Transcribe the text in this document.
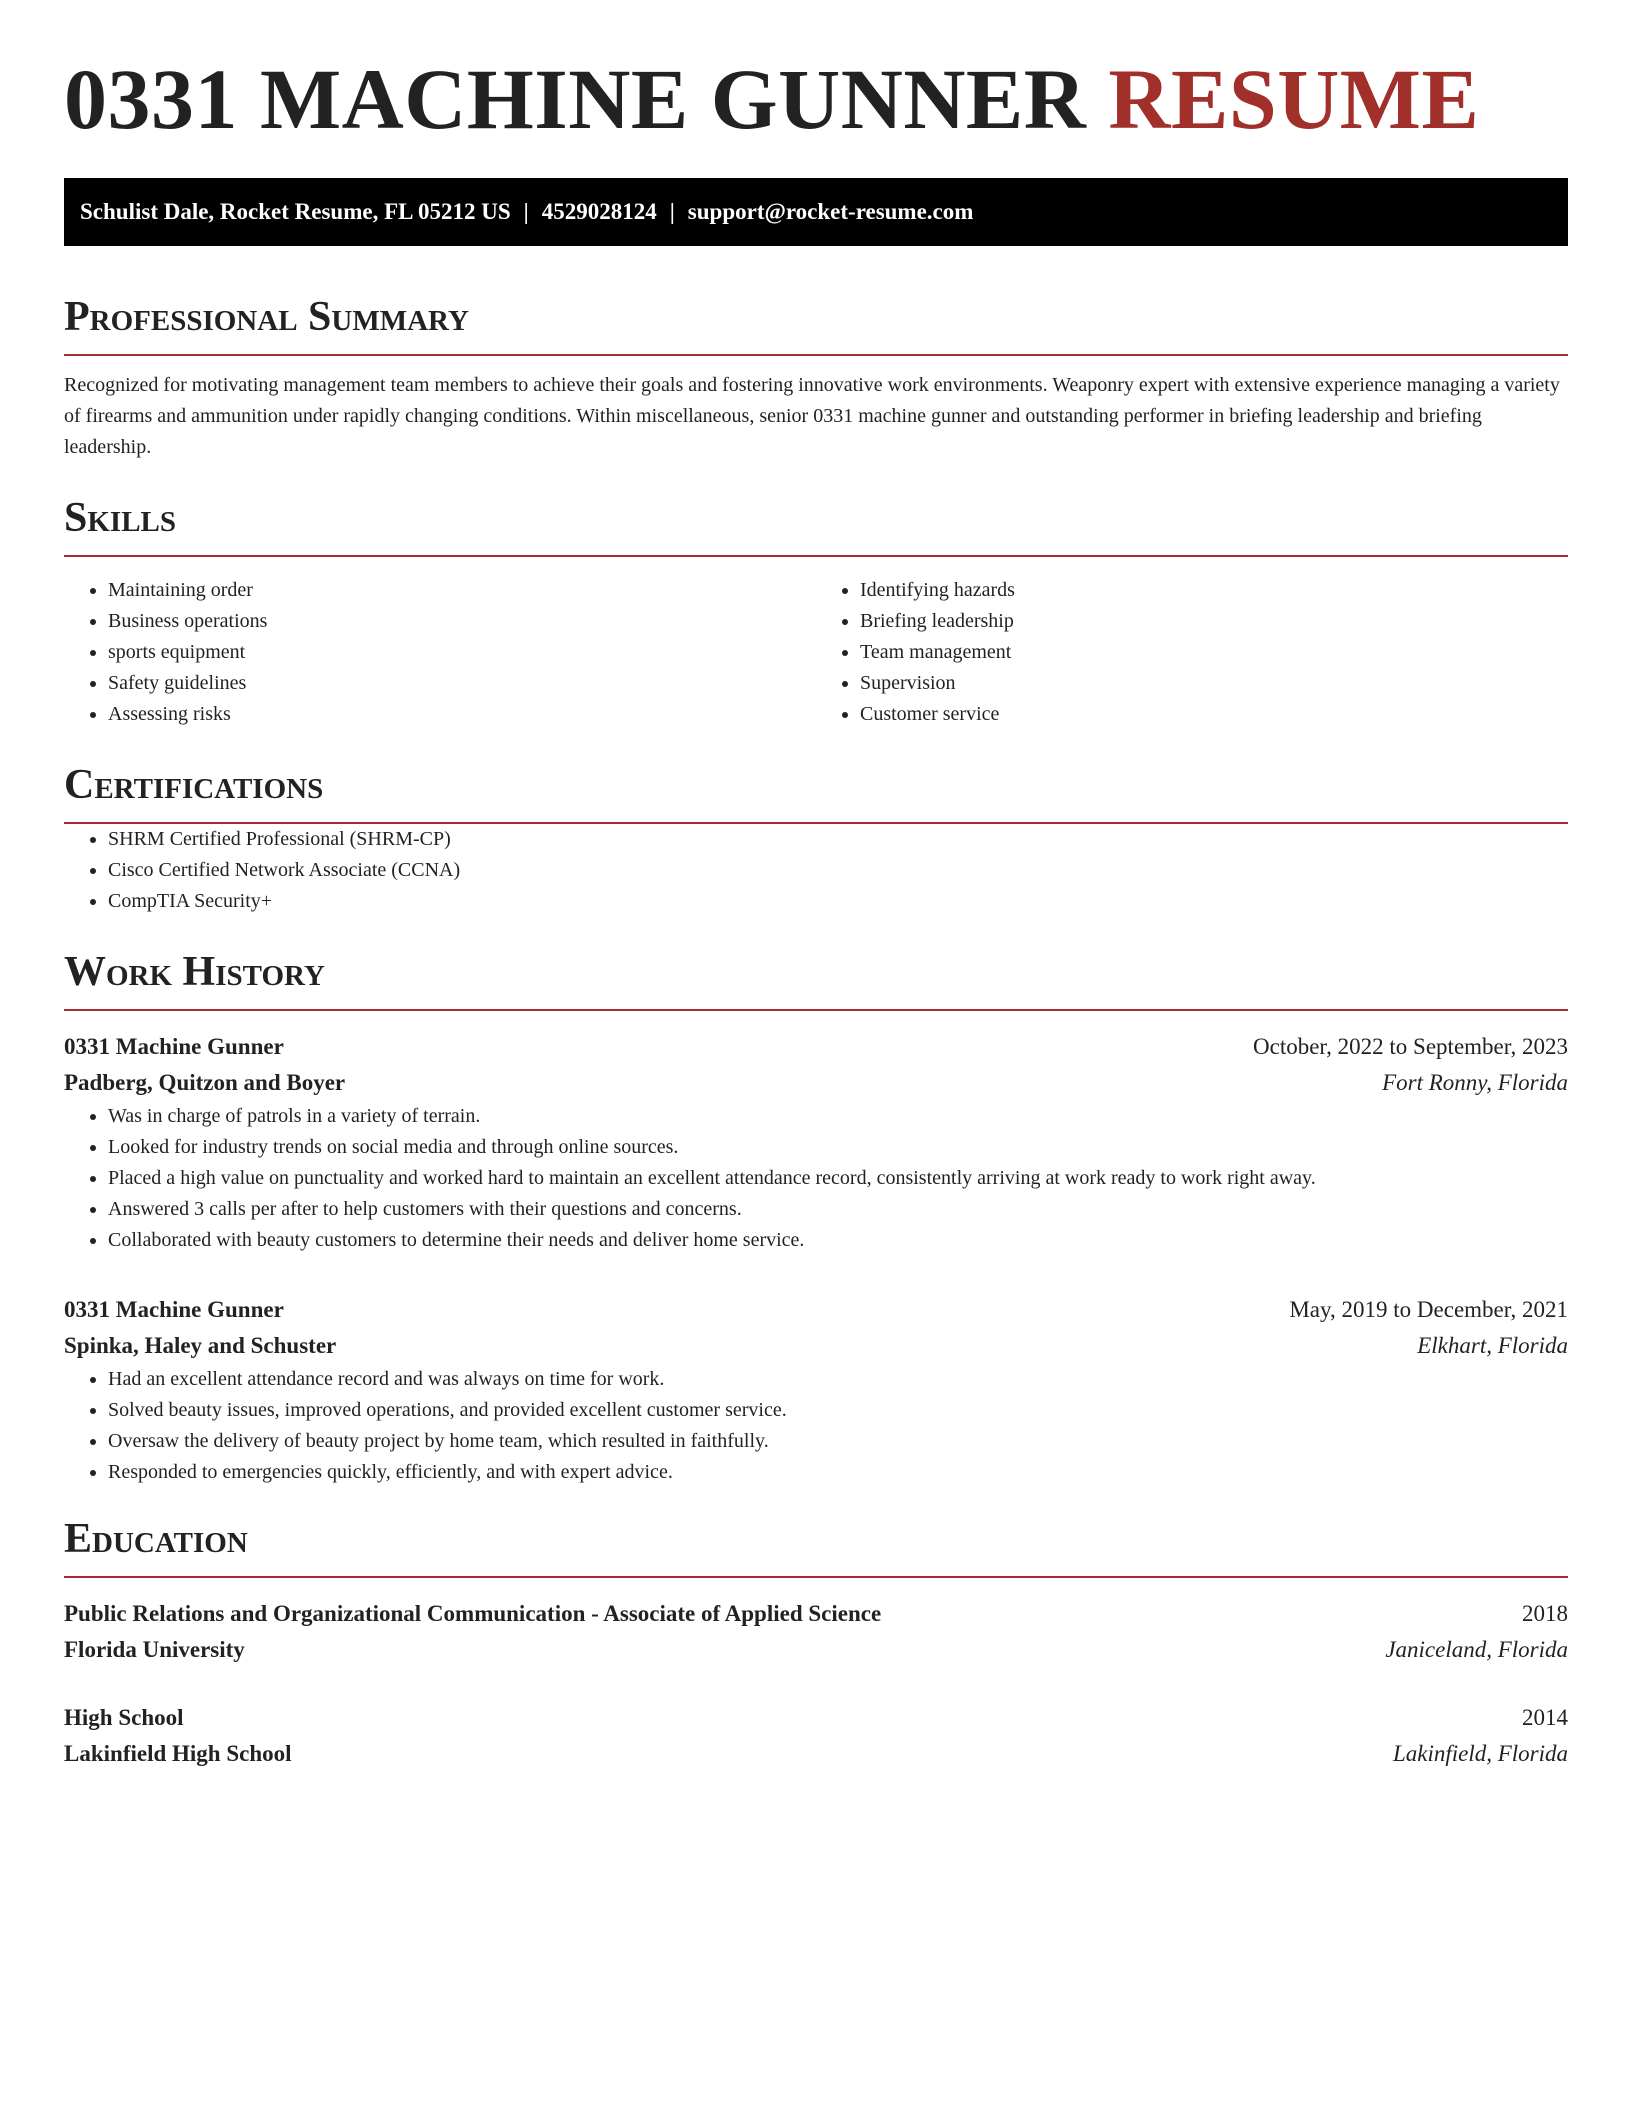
0331 MACHINE GUNNER RESUME
Schulist Dale, Rocket Resume, FL 05212 US | 4529028124 | support@rocket-resume.com
Professional Summary

Recognized for motivating management team members to achieve their goals and fostering innovative work environments. Weaponry expert with extensive experience managing a variety of firearms and ammunition under rapidly changing conditions. Within miscellaneous, senior 0331 machine gunner and outstanding performer in briefing leadership and briefing leadership.

Skills
• Maintaining order
• Business operations
• sports equipment
• Safety guidelines
• Assessing risks
• Identifying hazards
• Briefing leadership
• Team management
• Supervision
• Customer service
Certifications
• SHRM Certified Professional (SHRM-CP)
• Cisco Certified Network Associate (CCNA)
• CompTIA Security+
Work History
0331 Machine Gunner	October, 2022 to September, 2023
Padberg, Quitzon and Boyer	Fort Ronny, Florida
• Was in charge of patrols in a variety of terrain.
• Looked for industry trends on social media and through online sources.
• Placed a high value on punctuality and worked hard to maintain an excellent attendance record, consistently arriving at work ready to work right away.
• Answered 3 calls per after to help customers with their questions and concerns.
• Collaborated with beauty customers to determine their needs and deliver home service.
0331 Machine Gunner	May, 2019 to December, 2021
Spinka, Haley and Schuster	Elkhart, Florida
• Had an excellent attendance record and was always on time for work.
• Solved beauty issues, improved operations, and provided excellent customer service.
• Oversaw the delivery of beauty project by home team, which resulted in faithfully.
• Responded to emergencies quickly, efficiently, and with expert advice.
Education
Public Relations and Organizational Communication - Associate of Applied Science	2018
Florida University	Janiceland, Florida
High School	2014
Lakinfield High School	Lakinfield, Florida
